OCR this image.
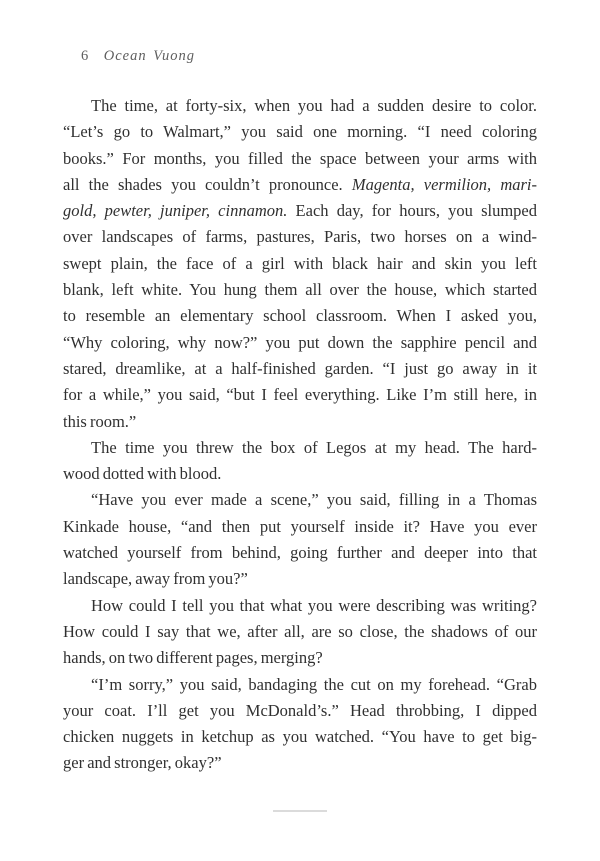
6 Ocean Vuong
The time, at forty-six, when you had a sudden desire to color.
“Let’s go to Walmart,” you said one morning. “I need coloring
books.” For months, you filled the space between your arms with
all the shades you couldn’t pronounce. Magenta, vermilion, mari-
gold, pewter, juniper, cinnamon. Each day, for hours, you slumped
over landscapes of farms, pastures, Paris, two horses on a wind-
swept plain, the face of a girl with black hair and skin you left
blank, left white. You hung them all over the house, which started
to resemble an elementary school classroom. When I asked you,
“Why coloring, why now?” you put down the sapphire pencil and
stared, dreamlike, at a half-finished garden. “I just go away in it
for a while,” you said, “but I feel everything. Like I’m still here, in
this room.”
The time you threw the box of Legos at my head. The hard-
wood dotted with blood.
“Have you ever made a scene,” you said, filling in a Thomas
Kinkade house, “and then put yourself inside it? Have you ever
watched yourself from behind, going further and deeper into that
landscape, away from you?”
How could I tell you that what you were describing was writing?
How could I say that we, after all, are so close, the shadows of our
hands, on two different pages, merging?
“I’m sorry,” you said, bandaging the cut on my forehead. “Grab
your coat. I’ll get you McDonald’s.” Head throbbing, I dipped
chicken nuggets in ketchup as you watched. “You have to get big-
ger and stronger, okay?”
